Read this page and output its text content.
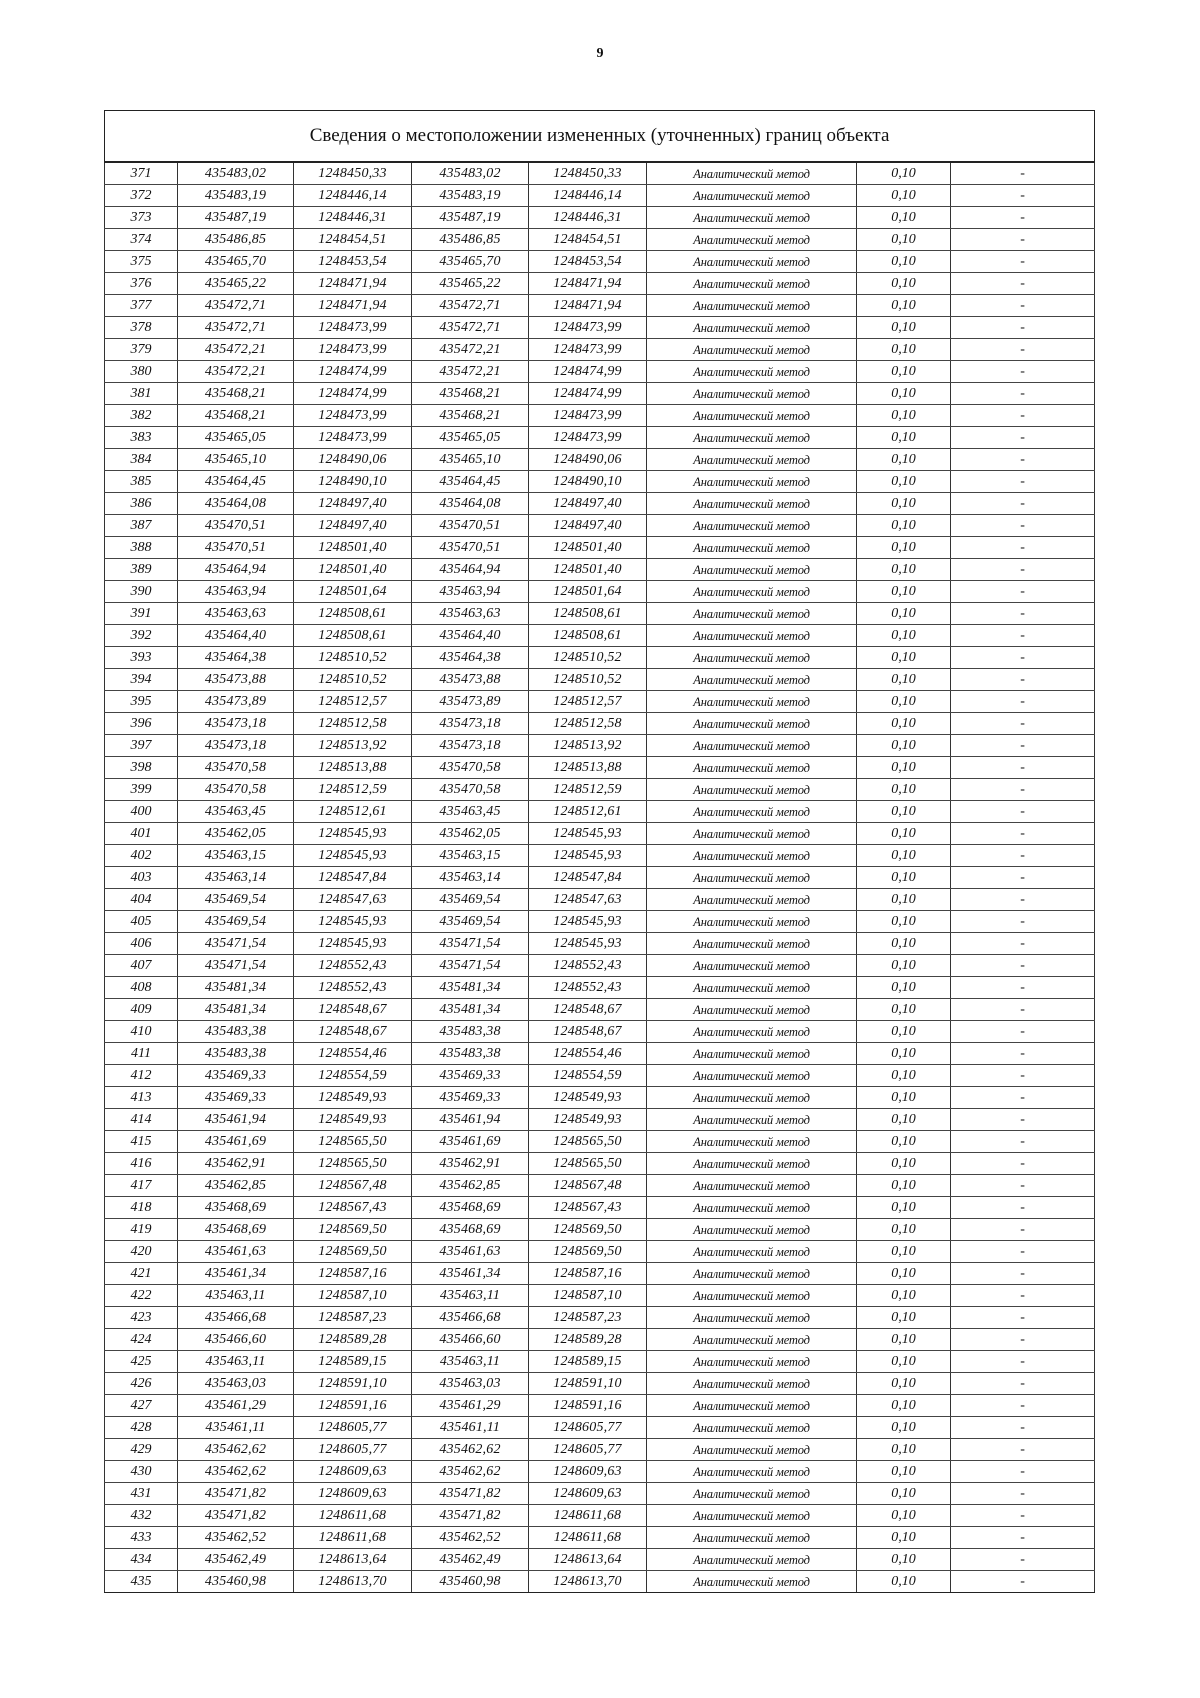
9
Сведения о местоположении измененных (уточненных) границ объекта							
371	435483,02	1248450,33	435483,02	1248450,33	Аналитический метод	0,10	-
372	435483,19	1248446,14	435483,19	1248446,14	Аналитический метод	0,10	-
373	435487,19	1248446,31	435487,19	1248446,31	Аналитический метод	0,10	-
374	435486,85	1248454,51	435486,85	1248454,51	Аналитический метод	0,10	-
375	435465,70	1248453,54	435465,70	1248453,54	Аналитический метод	0,10	-
376	435465,22	1248471,94	435465,22	1248471,94	Аналитический метод	0,10	-
377	435472,71	1248471,94	435472,71	1248471,94	Аналитический метод	0,10	-
378	435472,71	1248473,99	435472,71	1248473,99	Аналитический метод	0,10	-
379	435472,21	1248473,99	435472,21	1248473,99	Аналитический метод	0,10	-
380	435472,21	1248474,99	435472,21	1248474,99	Аналитический метод	0,10	-
381	435468,21	1248474,99	435468,21	1248474,99	Аналитический метод	0,10	-
382	435468,21	1248473,99	435468,21	1248473,99	Аналитический метод	0,10	-
383	435465,05	1248473,99	435465,05	1248473,99	Аналитический метод	0,10	-
384	435465,10	1248490,06	435465,10	1248490,06	Аналитический метод	0,10	-
385	435464,45	1248490,10	435464,45	1248490,10	Аналитический метод	0,10	-
386	435464,08	1248497,40	435464,08	1248497,40	Аналитический метод	0,10	-
387	435470,51	1248497,40	435470,51	1248497,40	Аналитический метод	0,10	-
388	435470,51	1248501,40	435470,51	1248501,40	Аналитический метод	0,10	-
389	435464,94	1248501,40	435464,94	1248501,40	Аналитический метод	0,10	-
390	435463,94	1248501,64	435463,94	1248501,64	Аналитический метод	0,10	-
391	435463,63	1248508,61	435463,63	1248508,61	Аналитический метод	0,10	-
392	435464,40	1248508,61	435464,40	1248508,61	Аналитический метод	0,10	-
393	435464,38	1248510,52	435464,38	1248510,52	Аналитический метод	0,10	-
394	435473,88	1248510,52	435473,88	1248510,52	Аналитический метод	0,10	-
395	435473,89	1248512,57	435473,89	1248512,57	Аналитический метод	0,10	-
396	435473,18	1248512,58	435473,18	1248512,58	Аналитический метод	0,10	-
397	435473,18	1248513,92	435473,18	1248513,92	Аналитический метод	0,10	-
398	435470,58	1248513,88	435470,58	1248513,88	Аналитический метод	0,10	-
399	435470,58	1248512,59	435470,58	1248512,59	Аналитический метод	0,10	-
400	435463,45	1248512,61	435463,45	1248512,61	Аналитический метод	0,10	-
401	435462,05	1248545,93	435462,05	1248545,93	Аналитический метод	0,10	-
402	435463,15	1248545,93	435463,15	1248545,93	Аналитический метод	0,10	-
403	435463,14	1248547,84	435463,14	1248547,84	Аналитический метод	0,10	-
404	435469,54	1248547,63	435469,54	1248547,63	Аналитический метод	0,10	-
405	435469,54	1248545,93	435469,54	1248545,93	Аналитический метод	0,10	-
406	435471,54	1248545,93	435471,54	1248545,93	Аналитический метод	0,10	-
407	435471,54	1248552,43	435471,54	1248552,43	Аналитический метод	0,10	-
408	435481,34	1248552,43	435481,34	1248552,43	Аналитический метод	0,10	-
409	435481,34	1248548,67	435481,34	1248548,67	Аналитический метод	0,10	-
410	435483,38	1248548,67	435483,38	1248548,67	Аналитический метод	0,10	-
411	435483,38	1248554,46	435483,38	1248554,46	Аналитический метод	0,10	-
412	435469,33	1248554,59	435469,33	1248554,59	Аналитический метод	0,10	-
413	435469,33	1248549,93	435469,33	1248549,93	Аналитический метод	0,10	-
414	435461,94	1248549,93	435461,94	1248549,93	Аналитический метод	0,10	-
415	435461,69	1248565,50	435461,69	1248565,50	Аналитический метод	0,10	-
416	435462,91	1248565,50	435462,91	1248565,50	Аналитический метод	0,10	-
417	435462,85	1248567,48	435462,85	1248567,48	Аналитический метод	0,10	-
418	435468,69	1248567,43	435468,69	1248567,43	Аналитический метод	0,10	-
419	435468,69	1248569,50	435468,69	1248569,50	Аналитический метод	0,10	-
420	435461,63	1248569,50	435461,63	1248569,50	Аналитический метод	0,10	-
421	435461,34	1248587,16	435461,34	1248587,16	Аналитический метод	0,10	-
422	435463,11	1248587,10	435463,11	1248587,10	Аналитический метод	0,10	-
423	435466,68	1248587,23	435466,68	1248587,23	Аналитический метод	0,10	-
424	435466,60	1248589,28	435466,60	1248589,28	Аналитический метод	0,10	-
425	435463,11	1248589,15	435463,11	1248589,15	Аналитический метод	0,10	-
426	435463,03	1248591,10	435463,03	1248591,10	Аналитический метод	0,10	-
427	435461,29	1248591,16	435461,29	1248591,16	Аналитический метод	0,10	-
428	435461,11	1248605,77	435461,11	1248605,77	Аналитический метод	0,10	-
429	435462,62	1248605,77	435462,62	1248605,77	Аналитический метод	0,10	-
430	435462,62	1248609,63	435462,62	1248609,63	Аналитический метод	0,10	-
431	435471,82	1248609,63	435471,82	1248609,63	Аналитический метод	0,10	-
432	435471,82	1248611,68	435471,82	1248611,68	Аналитический метод	0,10	-
433	435462,52	1248611,68	435462,52	1248611,68	Аналитический метод	0,10	-
434	435462,49	1248613,64	435462,49	1248613,64	Аналитический метод	0,10	-
435	435460,98	1248613,70	435460,98	1248613,70	Аналитический метод	0,10	-
